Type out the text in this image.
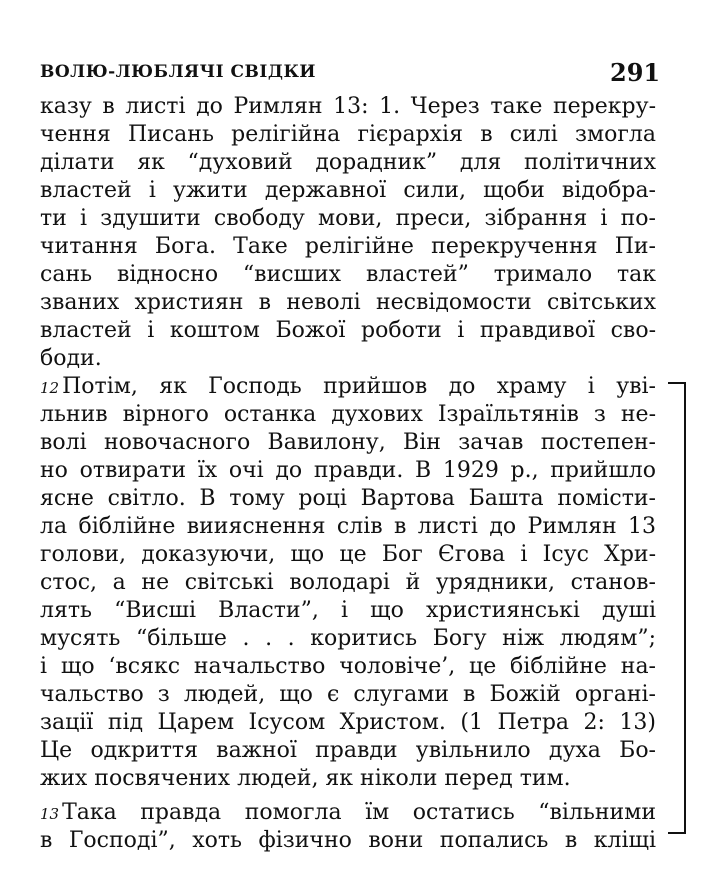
ВОЛЮ-ЛЮБЛЯЧІ СВІДКИ	291
казу в листі до Римлян 13: 1. Через таке перекру-
чення Писань релігійна гієрархія в силі змогла
ділати як “духовий дорадник” для політичних
властей і ужити державної сили, щоби відобра-
ти і здушити свободу мови, преси, зібрання і по-
читання Бога. Таке релігійне перекручення Пи-
сань відносно “висших властей” тримало так
званих християн в неволі несвідомости світських
властей і коштом Божої роботи і правдивої сво-
боди.
12 Потім, як Господь прийшов до храму і увi-
льнив вірного останка духових Ізраїльтянів з не-
волі новочасного Вавилону, Він зачав постепен-
но отвирати їх очі до правди. В 1929 р., прийшло
ясне світло. В тому році Вартова Башта помісти-
ла біблійне виияснення слів в листі до Римлян 13
голови, доказуючи, що це Бог Єгова і Ісус Хри-
стос, а не світські володарі й урядники, станов-
лять “Висші Власти”, і що християнські душі
мусять “більше . . . коритись Богу ніж людям”;
і що ‘всякс начальство чоловіче’, це біблійне на-
чальство з людей, що є слугами в Божій органі-
зації під Царем Ісусом Христом. (1 Петра 2: 13)
Це одкриття важної правди увільнило духа Бо-
жих посвячених людей, як ніколи перед тим.
13 Така правда помогла їм остатись “вільними
в Господі”, хоть фізично вони попались в кліщі
